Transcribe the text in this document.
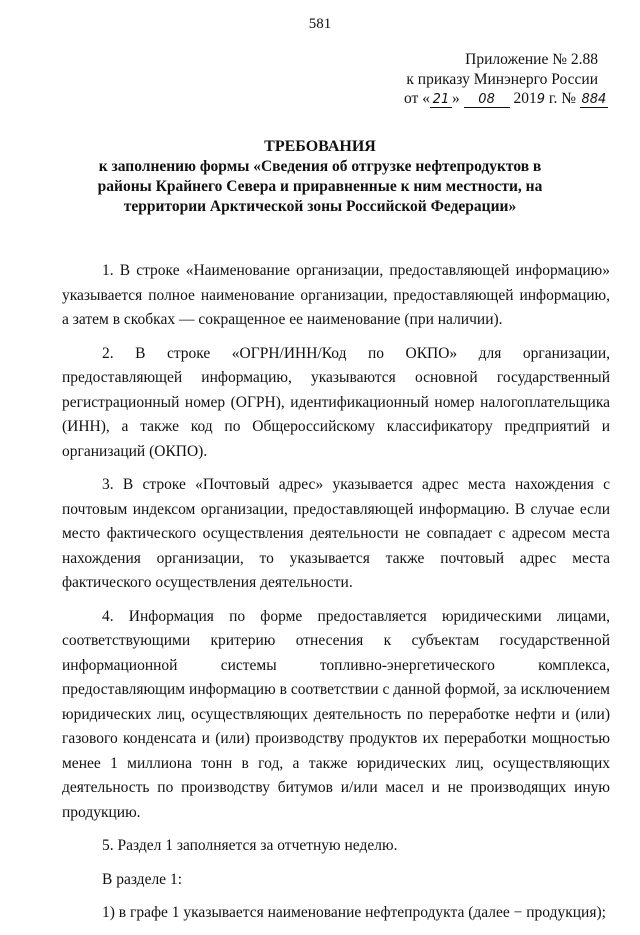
581
Приложение № 2.88
к приказу Минэнерго России
от « 21 » 08 2019 г. № 884
ТРЕБОВАНИЯ
к заполнению формы «Сведения об отгрузке нефтепродуктов в районы Крайнего Севера и приравненные к ним местности, на территории Арктической зоны Российской Федерации»

1. В строке «Наименование организации, предоставляющей информацию» указывается полное наименование организации, предоставляющей информацию, а затем в скобках — сокращенное ее наименование (при наличии).

2. В строке «ОГРН/ИНН/Код по ОКПО» для организации, предоставляющей информацию, указываются основной государственный регистрационный номер (ОГРН), идентификационный номер налогоплательщика (ИНН), а также код по Общероссийскому классификатору предприятий и организаций (ОКПО).

3. В строке «Почтовый адрес» указывается адрес места нахождения с почтовым индексом организации, предоставляющей информацию. В случае если место фактического осуществления деятельности не совпадает с адресом места нахождения организации, то указывается также почтовый адрес места фактического осуществления деятельности.

4. Информация по форме предоставляется юридическими лицами, соответствующими критерию отнесения к субъектам государственной информационной системы топливно-энергетического комплекса, предоставляющим информацию в соответствии с данной формой, за исключением юридических лиц, осуществляющих деятельность по переработке нефти и (или) газового конденсата и (или) производству продуктов их переработки мощностью менее 1 миллиона тонн в год, а также юридических лиц, осуществляющих деятельность по производству битумов и/или масел и не производящих иную продукцию.

5. Раздел 1 заполняется за отчетную неделю.

В разделе 1:

1) в графе 1 указывается наименование нефтепродукта (далее − продукция);
